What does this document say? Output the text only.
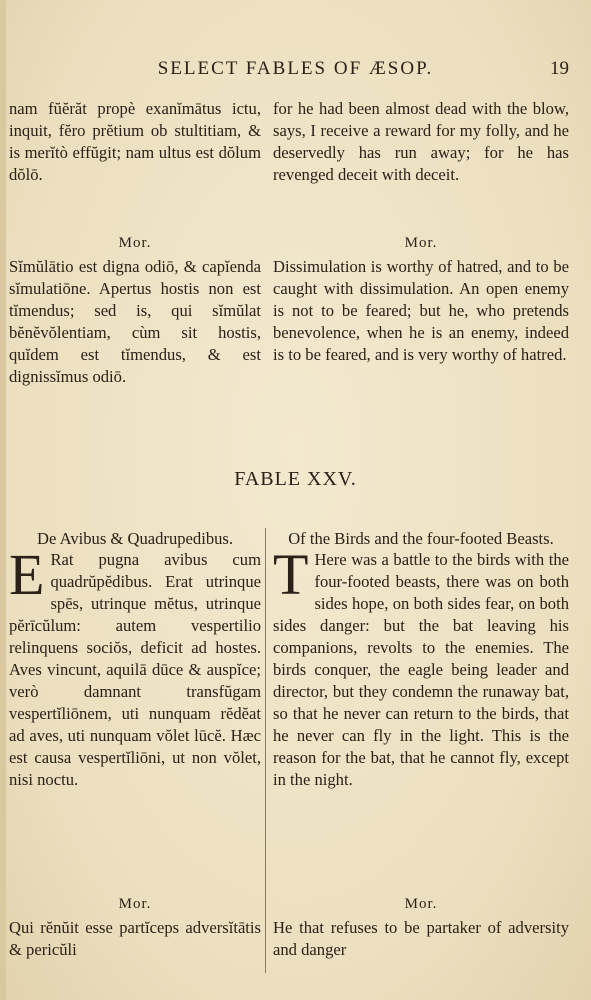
SELECT FABLES OF ÆSOP.	19
nam fŭĕrăt propè exanĭmātus ictu, inquit, fĕro prĕtium ob stultitiam, & is merĭtò effŭgit; nam ultus est dŏlum dŏlō.
for he had been almost dead with the blow, says, I receive a reward for my folly, and he deservedly has run away; for he has revenged deceit with deceit.
Mor.
Sĭmŭlātio est digna odiō, & capĭenda sĭmulatiōne. Apertus hostis non est tĭmendus; sed is, qui sĭmŭlat bĕnĕvŏlentiam, cùm sit hostis, quĭdem est tĭmendus, & est dignissĭmus odiō.
Mor.
Dissimulation is worthy of hatred, and to be caught with dissimulation. An open enemy is not to be feared; but he, who pretends benevolence, when he is an enemy, indeed is to be feared, and is very worthy of hatred.
FABLE XXV.
De Avibus & Quadrupedibus.
E Rat pugna avibus cum quadrŭpĕdibus. Erat utrinque spēs, utrinque mĕtus, utrinque pĕrīcŭlum: autem vespertilio relinquens sociŏs, deficit ad hostes. Aves vincunt, aquilā dūce & auspĭce; verò damnant transfŭgam vespertĭliōnem, uti nunquam rĕdĕat ad aves, uti nunquam vŏlet lūcĕ. Hæc est causa vespertĭliōni, ut non vŏlet, nisi noctu.
Of the Birds and the four-footed Beasts.
T Here was a battle to the birds with the four-footed beasts, there was on both sides hope, on both sides fear, on both sides danger: but the bat leaving his companions, revolts to the enemies. The birds conquer, the eagle being leader and director, but they condemn the runaway bat, so that he never can return to the birds, that he never can fly in the light. This is the reason for the bat, that he cannot fly, except in the night.
Mor.
Qui rĕnŭit esse partĭceps adversĭtātis & pericŭli
Mor.
He that refuses to be partaker of adversity and danger
